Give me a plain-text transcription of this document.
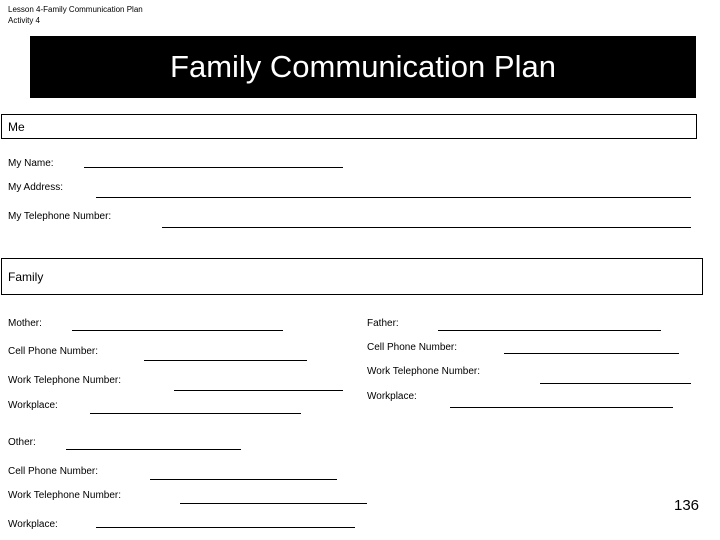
Lesson 4-Family Communication Plan
Activity 4
Family Communication Plan
Me
My Name:
My Address:
My Telephone Number:
Family
Mother:
Cell Phone Number:
Work Telephone Number:
Workplace:
Father:
Cell Phone Number:
Work Telephone Number:
Workplace:
Other:
Cell Phone Number:
Work Telephone Number:
Workplace:
136
